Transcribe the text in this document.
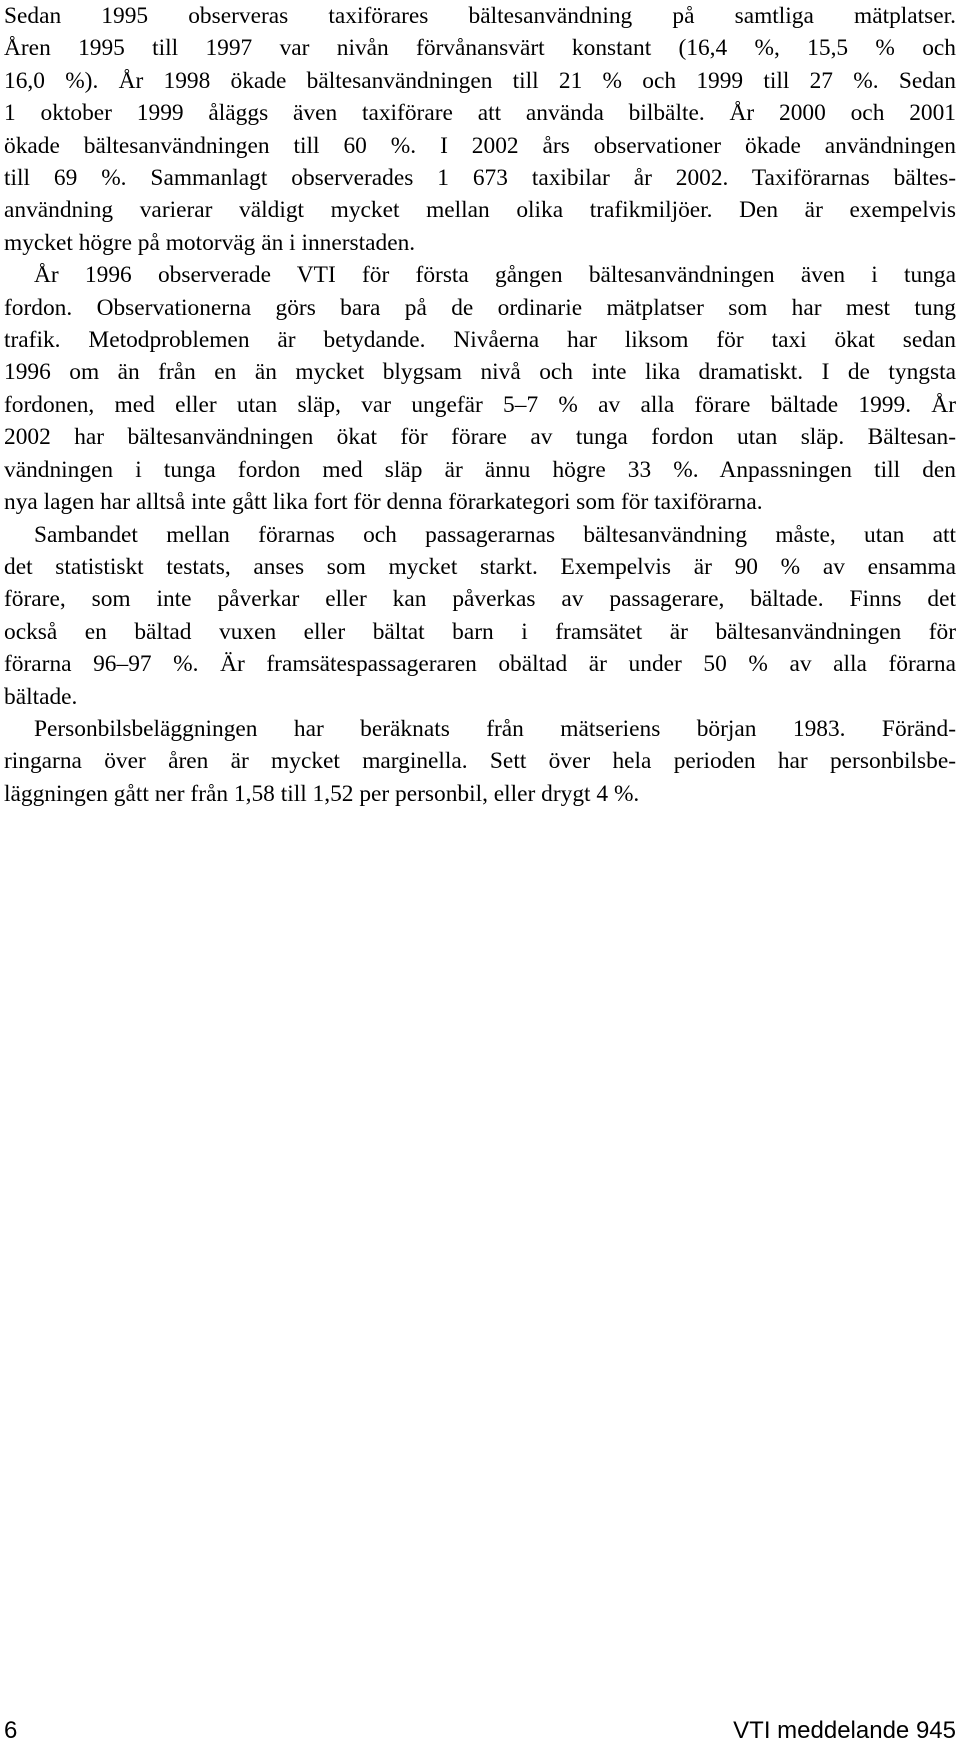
Sedan 1995 observeras taxiförares bältesanvändning på samtliga mätplatser.
Åren 1995 till 1997 var nivån förvånansvärt konstant (16,4 %, 15,5 % och
16,0 %). År 1998 ökade bältesanvändningen till 21 % och 1999 till 27 %. Sedan
1 oktober 1999 åläggs även taxiförare att använda bilbälte. År 2000 och 2001
ökade bältesanvändningen till 60 %. I 2002 års observationer ökade användningen
till 69 %. Sammanlagt observerades 1 673 taxibilar år 2002. Taxiförarnas bältes-
användning varierar väldigt mycket mellan olika trafikmiljöer. Den är exempelvis
mycket högre på motorväg än i innerstaden.
År 1996 observerade VTI för första gången bältesanvändningen även i tunga
fordon. Observationerna görs bara på de ordinarie mätplatser som har mest tung
trafik. Metodproblemen är betydande. Nivåerna har liksom för taxi ökat sedan
1996 om än från en än mycket blygsam nivå och inte lika dramatiskt. I de tyngsta
fordonen, med eller utan släp, var ungefär 5–7 % av alla förare bältade 1999. År
2002 har bältesanvändningen ökat för förare av tunga fordon utan släp. Bältesan-
vändningen i tunga fordon med släp är ännu högre 33 %. Anpassningen till den
nya lagen har alltså inte gått lika fort för denna förarkategori som för taxiförarna.
Sambandet mellan förarnas och passagerarnas bältesanvändning måste, utan att
det statistiskt testats, anses som mycket starkt. Exempelvis är 90 % av ensamma
förare, som inte påverkar eller kan påverkas av passagerare, bältade. Finns det
också en bältad vuxen eller bältat barn i framsätet är bältesanvändningen för
förarna 96–97 %. Är framsätespassageraren obältad är under 50 % av alla förarna
bältade.
Personbilsbeläggningen har beräknats från mätseriens början 1983. Föränd-
ringarna över åren är mycket marginella. Sett över hela perioden har personbilsbe-
läggningen gått ner från 1,58 till 1,52 per personbil, eller drygt 4 %.
6	VTI meddelande 945
